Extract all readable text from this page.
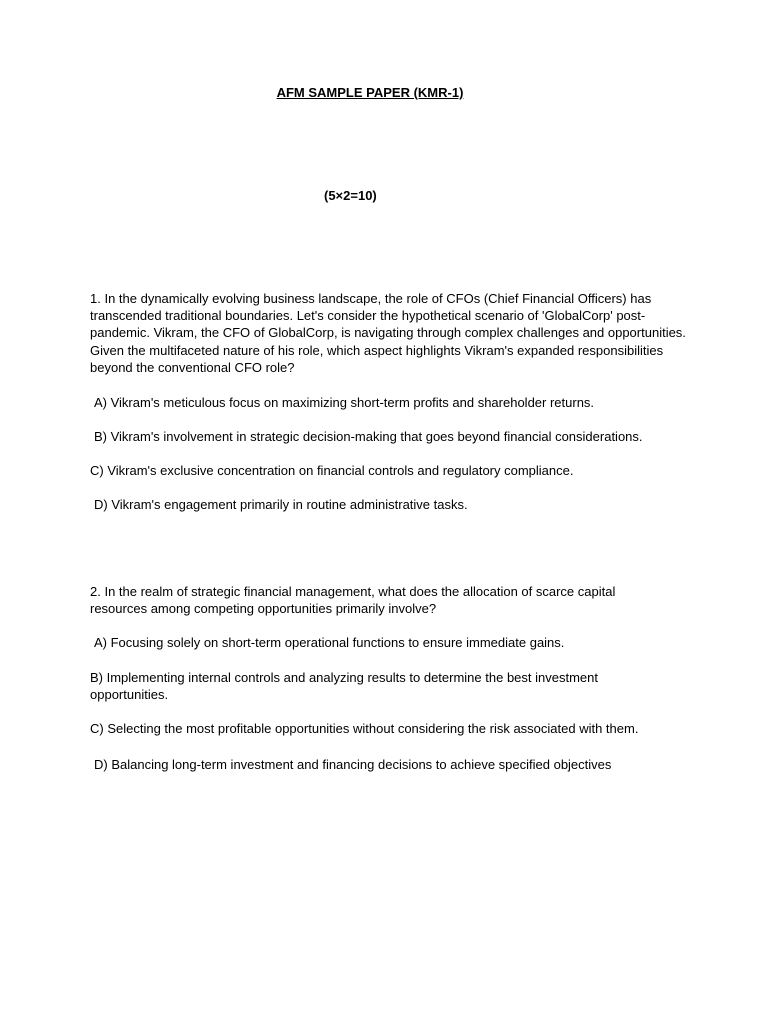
AFM SAMPLE PAPER (KMR-1)
(5×2=10)
1. In the dynamically evolving business landscape, the role of CFOs (Chief Financial Officers) has transcended traditional boundaries. Let's consider the hypothetical scenario of 'GlobalCorp' post-pandemic. Vikram, the CFO of GlobalCorp, is navigating through complex challenges and opportunities. Given the multifaceted nature of his role, which aspect highlights Vikram's expanded responsibilities beyond the conventional CFO role?
A) Vikram's meticulous focus on maximizing short-term profits and shareholder returns.
B) Vikram's involvement in strategic decision-making that goes beyond financial considerations.
C) Vikram's exclusive concentration on financial controls and regulatory compliance.
D) Vikram's engagement primarily in routine administrative tasks.
2. In the realm of strategic financial management, what does the allocation of scarce capital resources among competing opportunities primarily involve?
A) Focusing solely on short-term operational functions to ensure immediate gains.
B) Implementing internal controls and analyzing results to determine the best investment opportunities.
C) Selecting the most profitable opportunities without considering the risk associated with them.
D) Balancing long-term investment and financing decisions to achieve specified objectives
